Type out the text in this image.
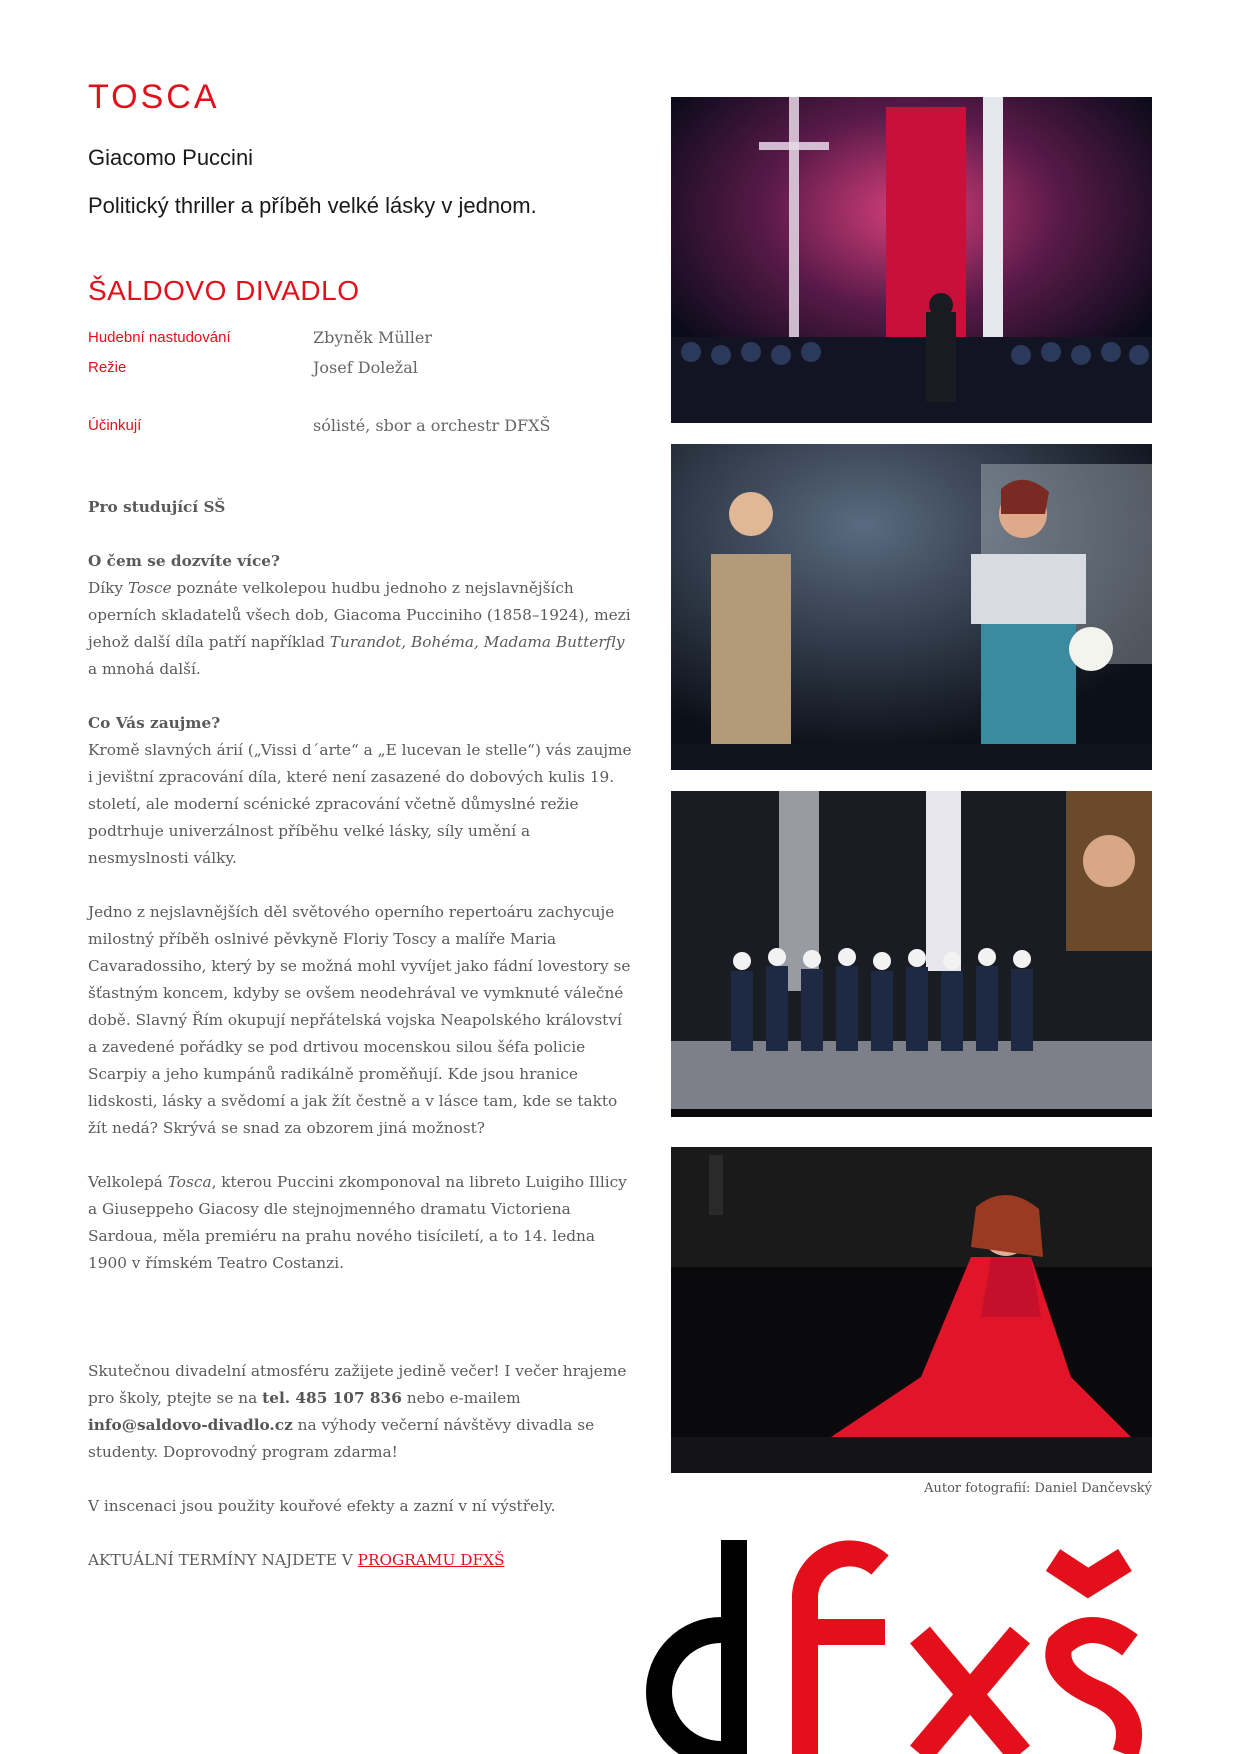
TOSCA
Giacomo Puccini
Politický thriller a příběh velké lásky v jednom.
ŠALDOVO DIVADLO
Hudební nastudování	Zbyněk Müller
Režie	Josef Doležal
Účinkují	sólisté, sbor a orchestr DFXŠ

Pro studující SŠ

O čem se dozvíte více?
Díky Tosce poznáte velkolepou hudbu jednoho z nejslavnějších operních skladatelů všech dob, Giacoma Pucciniho (1858–1924), mezi jehož další díla patří například Turandot, Bohéma, Madama Butterfly a mnohá další.

Co Vás zaujme?
Kromě slavných árií („Vissi d´arte“ a „E lucevan le stelle“) vás zaujme i jevištní zpracování díla, které není zasazené do dobových kulis 19. století, ale moderní scénické zpracování včetně důmyslné režie podtrhuje univerzálnost příběhu velké lásky, síly umění a nesmyslnosti války.

Jedno z nejslavnějších děl světového operního repertoáru zachycuje milostný příběh oslnivé pěvkyně Floriy Toscy a malíře Maria Cavaradossiho, který by se možná mohl vyvíjet jako fádní lovestory se šťastným koncem, kdyby se ovšem neodehrával ve vymknuté válečné době. Slavný Řím okupují nepřátelská vojska Neapolského království a zavedené pořádky se pod drtivou mocenskou silou šéfa policie Scarpiy a jeho kumpánů radikálně proměňují. Kde jsou hranice lidskosti, lásky a svědomí a jak žít čestně a v lásce tam, kde se takto žít nedá? Skrývá se snad za obzorem jiná možnost?

Velkolepá Tosca, kterou Puccini zkomponoval na libreto Luigiho Illicy a Giuseppeho Giacosy dle stejnojmenného dramatu Victoriena Sardoua, měla premiéru na prahu nového tisíciletí, a to 14. ledna 1900 v římském Teatro Costanzi.

Skutečnou divadelní atmosféru zažijete jedině večer! I večer hrajeme pro školy, ptejte se na tel. 485 107 836 nebo e-mailem info@saldovo-divadlo.cz na výhody večerní návštěvy divadla se studenty. Doprovodný program zdarma!

V inscenaci jsou použity kouřové efekty a zazní v ní výstřely.

AKTUÁLNÍ TERMÍNY NAJDETE V PROGRAMU DFXŠ

Autor fotografií: Daniel Dančevský
